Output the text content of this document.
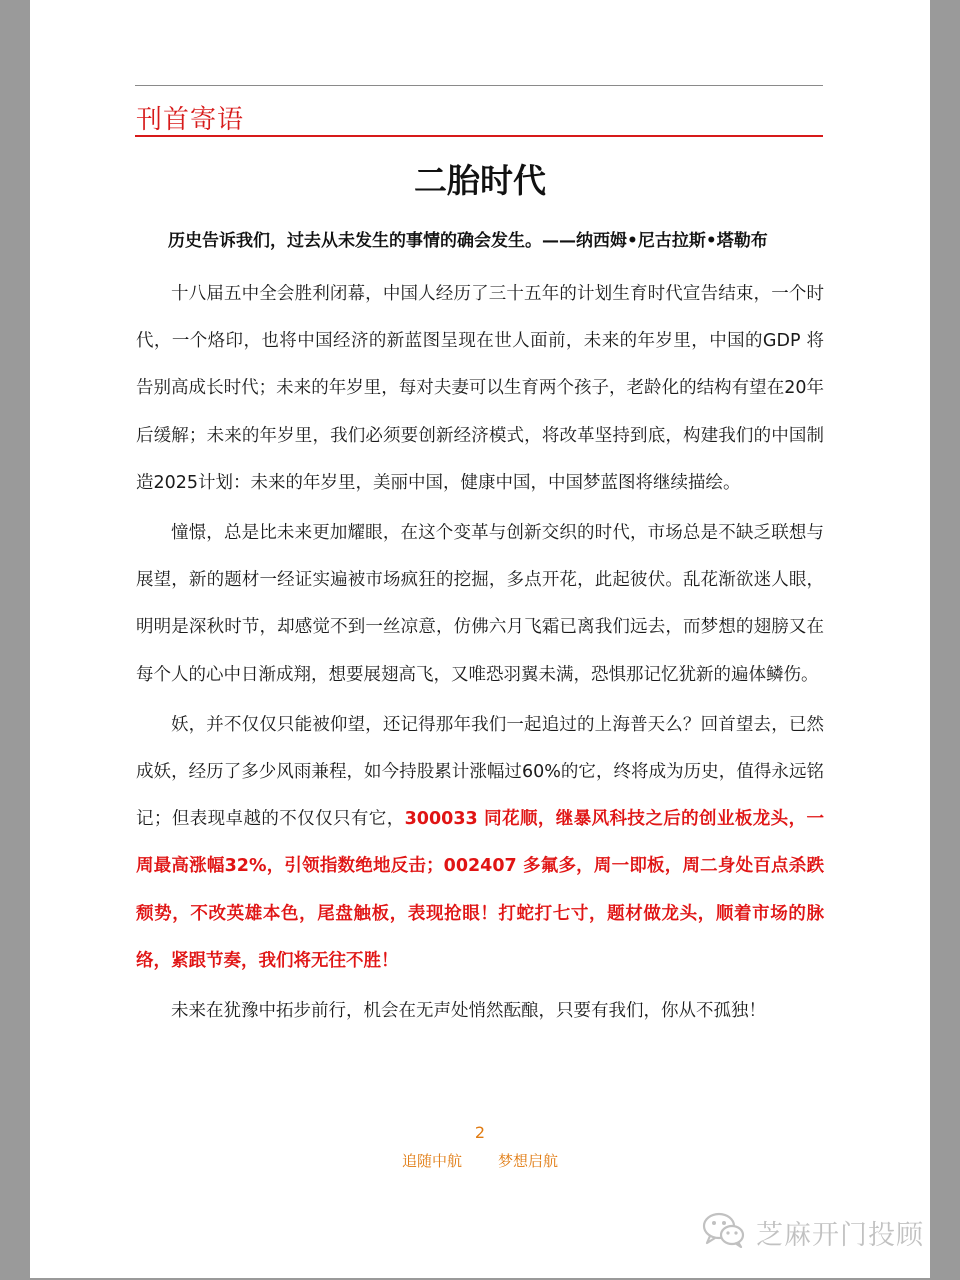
刊首寄语
二胎时代
历史告诉我们，过去从未发生的事情的确会发生。——纳西姆•尼古拉斯•塔勒布

十八届五中全会胜利闭幕，中国人经历了三十五年的计划生育时代宣告结束，一个时代，一个烙印，也将中国经济的新蓝图呈现在世人面前，未来的年岁里，中国的GDP 将告别高成长时代；未来的年岁里，每对夫妻可以生育两个孩子，老龄化的结构有望在20年后缓解；未来的年岁里，我们必须要创新经济模式，将改革坚持到底，构建我们的中国制造2025计划：未来的年岁里，美丽中国，健康中国，中国梦蓝图将继续描绘。

憧憬，总是比未来更加耀眼，在这个变革与创新交织的时代，市场总是不缺乏联想与展望，新的题材一经证实遍被市场疯狂的挖掘，多点开花，此起彼伏。乱花渐欲迷人眼，明明是深秋时节，却感觉不到一丝凉意，仿佛六月飞霜已离我们远去，而梦想的翅膀又在每个人的心中日渐成翔，想要展翅高飞，又唯恐羽翼未满，恐惧那记忆犹新的遍体鳞伤。

妖，并不仅仅只能被仰望，还记得那年我们一起追过的上海普天么？回首望去，已然成妖，经历了多少风雨兼程，如今持股累计涨幅过60%的它，终将成为历史，值得永远铭记；但表现卓越的不仅仅只有它，300033 同花顺，继暴风科技之后的创业板龙头，一周最高涨幅32%，引领指数绝地反击；002407 多氟多，周一即板，周二身处百点杀跌颓势，不改英雄本色，尾盘触板，表现抢眼！打蛇打七寸，题材做龙头，顺着市场的脉络，紧跟节奏，我们将无往不胜！

未来在犹豫中拓步前行，机会在无声处悄然酝酿，只要有我们，你从不孤独！

2
追随中航 梦想启航
芝麻开门投顾
